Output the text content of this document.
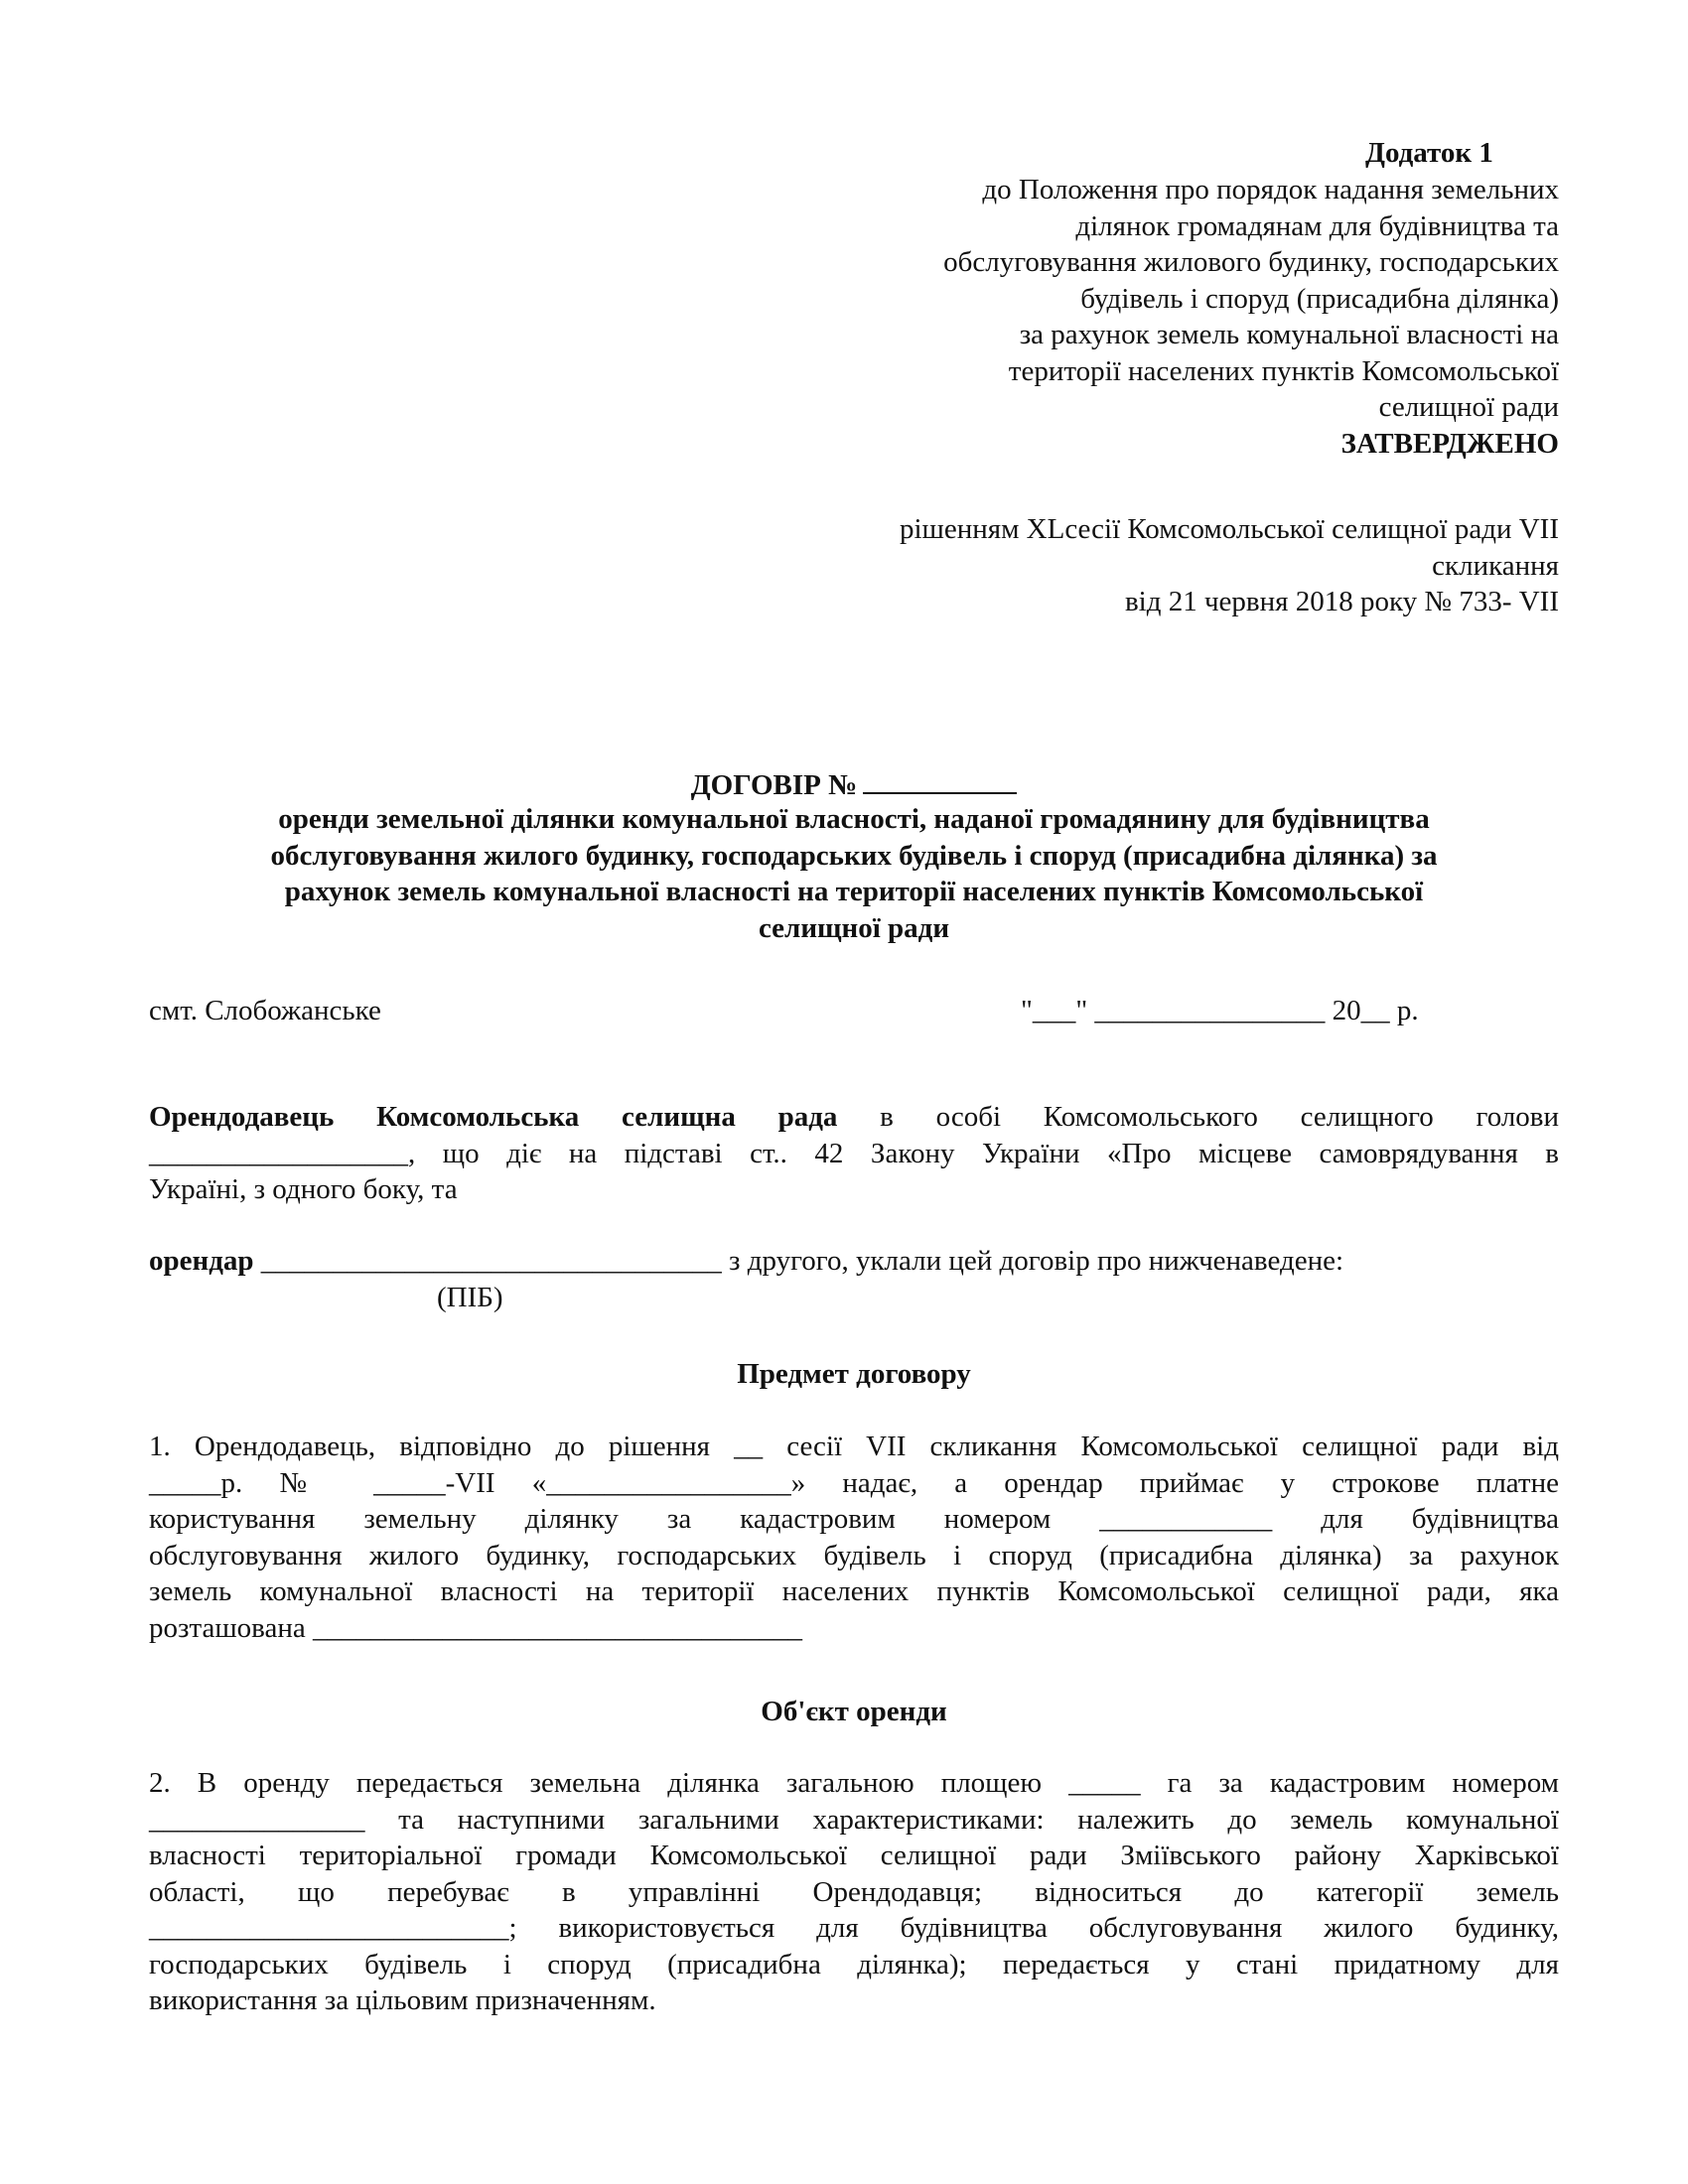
Додаток 1
до Положення про порядок надання земельних
ділянок громадянам для будівництва та
обслуговування жилового будинку, господарських
будівель і споруд (присадибна ділянка)
за рахунок земель комунальної власності на
території населених пунктів Комсомольської
селищної ради
ЗАТВЕРДЖЕНО
рішенням XLсесії Комсомольської селищної ради VII
скликання
від 21 червня 2018 року № 733- VII
ДОГОВІР №
оренди земельної ділянки комунальної власності, наданої громадянину для будівництва
обслуговування жилого будинку, господарських будівель і споруд (присадибна ділянка) за
рахунок земель комунальної власності на території населених пунктів Комсомольської
селищної ради
смт. Слобожанське	"___" ________________ 20__ р.
Орендодавець Комсомольська селищна рада в особі Комсомольського селищного голови
__________________, що діє на підставі ст.. 42 Закону України «Про місцеве самоврядування в
Україні, з одного боку, та
орендар ________________________________ з другого, уклали цей договір про нижченаведене:
(ПІБ)
Предмет договору
1. Орендодавець, відповідно до рішення __ сесії VII скликання Комсомольської селищної ради від
_____р. № _____-VII «_________________» надає, а орендар приймає у строкове платне
користування земельну ділянку за кадастровим номером ____________ для будівництва
обслуговування жилого будинку, господарських будівель і споруд (присадибна ділянка) за рахунок
земель комунальної власності на території населених пунктів Комсомольської селищної ради, яка
розташована __________________________________
Об'єкт оренди
2. В оренду передається земельна ділянка загальною площею _____ га за кадастровим номером
_______________ та наступними загальними характеристиками: належить до земель комунальної
власності територіальної громади Комсомольської селищної ради Зміївського району Харківської
області, що перебуває в управлінні Орендодавця; відноситься до категорії земель
_________________________; використовується для будівництва обслуговування жилого будинку,
господарських будівель і споруд (присадибна ділянка); передається у стані придатному для
використання за цільовим призначенням.
